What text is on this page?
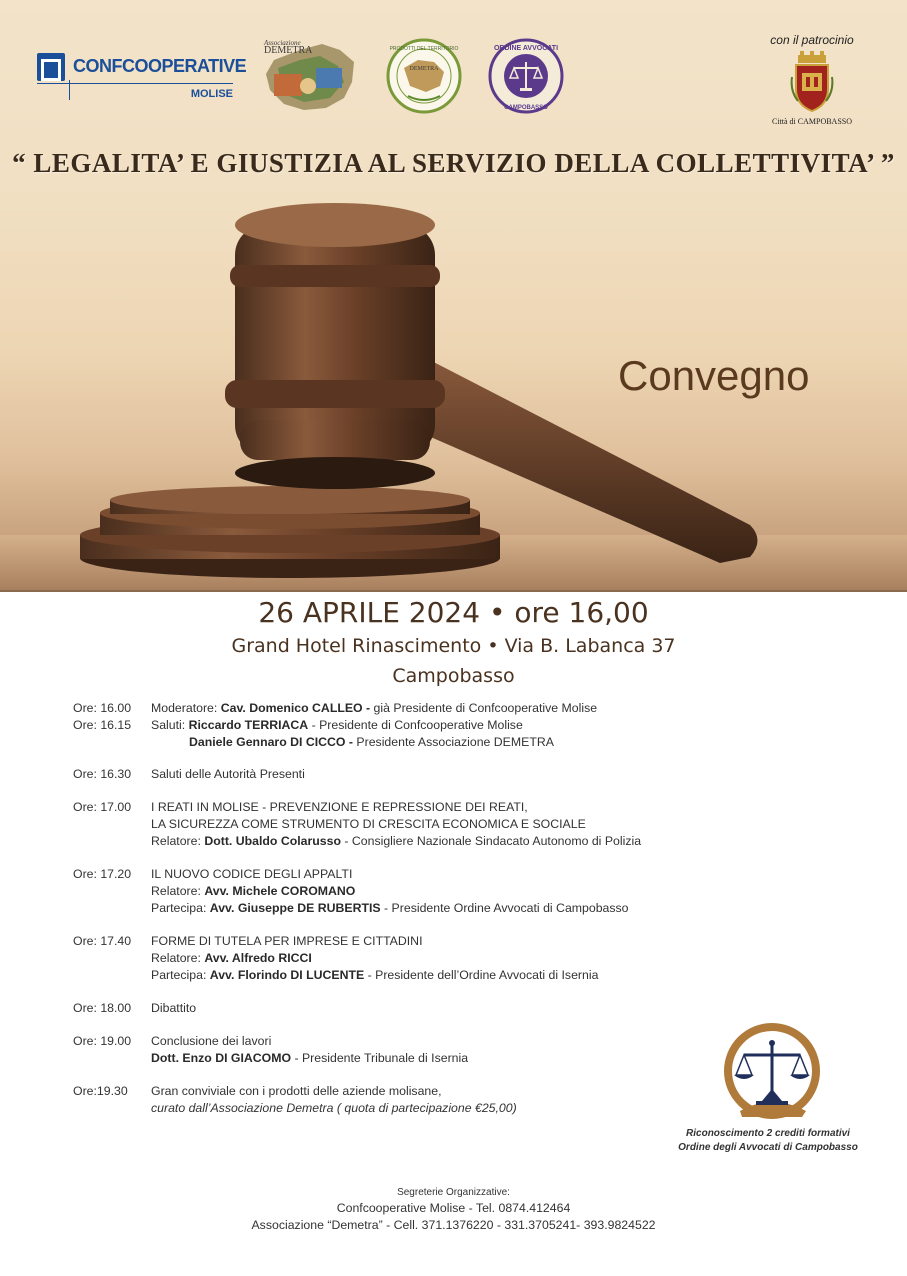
CONFCOOPERATIVE
MOLISE
Associazione
DEMETRA	PRODOTTI DEL TERRITORIO
DEMETRA
ORDINE AVVOCATI
CAMPOBASSO
con il patrocinio
Città di CAMPOBASSO
“ LEGALITA’ E GIUSTIZIA AL SERVIZIO DELLA COLLETTIVITA’ ”
Convegno
26 APRILE 2024 • ore 16,00
Grand Hotel Rinascimento • Via B. Labanca 37
Campobasso
Ore: 16.00	Moderatore: Cav. Domenico CALLEO - già Presidente di Confcooperative Molise
Ore: 16.15	Saluti: Riccardo TERRIACA - Presidente di Confcooperative Molise
Daniele Gennaro DI CICCO - Presidente Associazione DEMETRA
Ore: 16.30	Saluti delle Autorità Presenti
Ore: 17.00	I REATI IN MOLISE - PREVENZIONE E REPRESSIONE DEI REATI,
LA SICUREZZA COME STRUMENTO DI CRESCITA ECONOMICA E SOCIALE
Relatore: Dott. Ubaldo Colarusso - Consigliere Nazionale Sindacato Autonomo di Polizia
Ore: 17.20	IL NUOVO CODICE DEGLI APPALTI
Relatore: Avv. Michele COROMANO
Partecipa: Avv. Giuseppe DE RUBERTIS - Presidente Ordine Avvocati di Campobasso
Ore: 17.40	FORME DI TUTELA PER IMPRESE E CITTADINI
Relatore: Avv. Alfredo RICCI
Partecipa: Avv. Florindo DI LUCENTE - Presidente dell’Ordine Avvocati di Isernia
Ore: 18.00	Dibattito
Ore: 19.00	Conclusione dei lavori
Dott. Enzo DI GIACOMO - Presidente Tribunale di Isernia
Ore:19.30	Gran conviviale con i prodotti delle aziende molisane,
curato dall’Associazione Demetra ( quota di partecipazione €25,00)
Riconoscimento 2 crediti formativi
Ordine degli Avvocati di Campobasso
Segreterie Organizzative:
Confcooperative Molise - Tel. 0874.412464
Associazione “Demetra” - Cell. 371.1376220 - 331.3705241- 393.9824522
